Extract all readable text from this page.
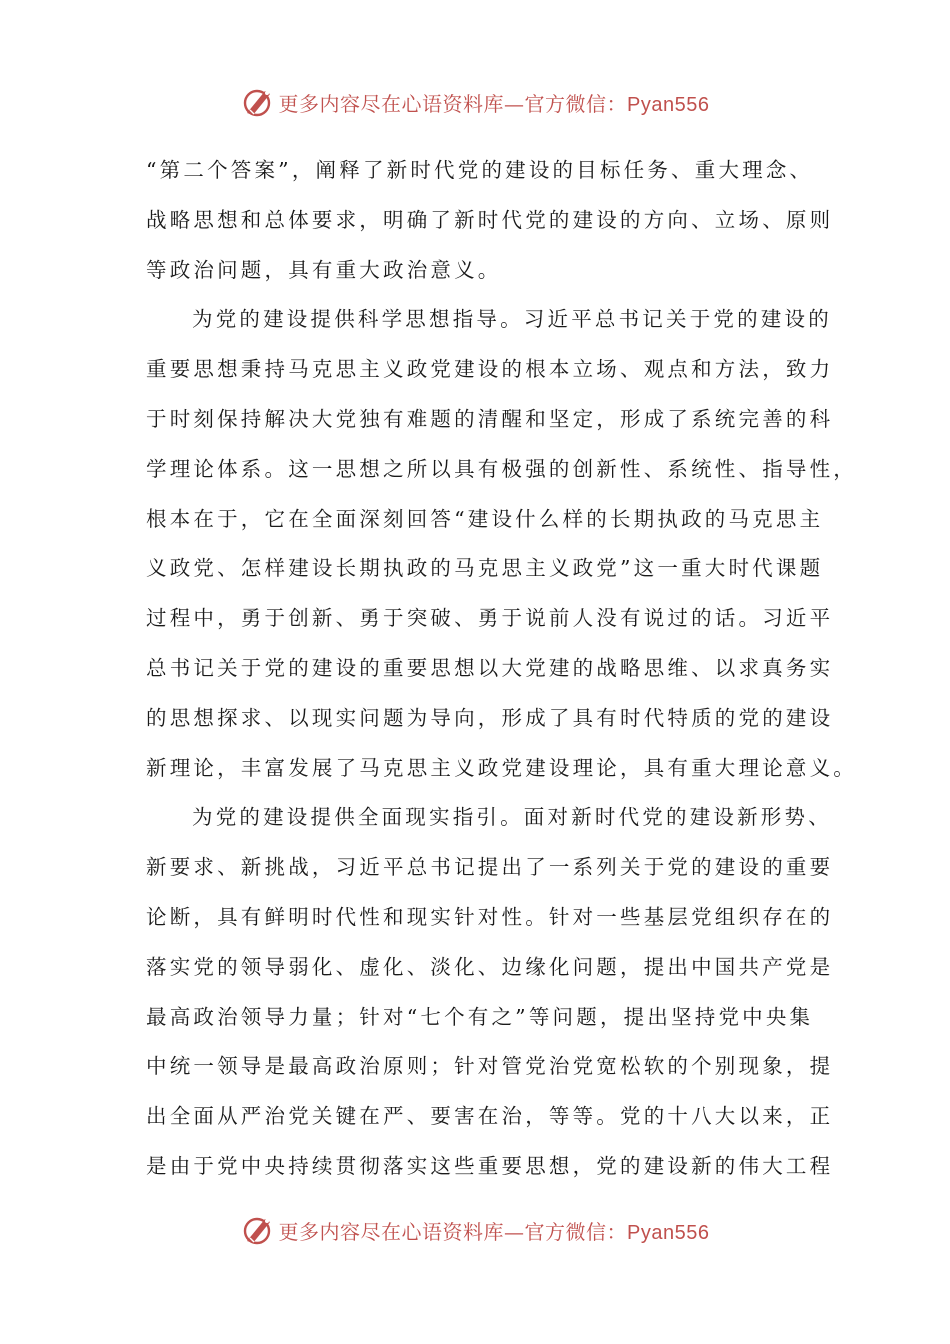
更多内容尽在心语资料库—官方微信：Pyan556
“第二个答案”，阐释了新时代党的建设的目标任务、重大理念、
战略思想和总体要求，明确了新时代党的建设的方向、立场、原则
等政治问题，具有重大政治意义。
为党的建设提供科学思想指导。习近平总书记关于党的建设的
重要思想秉持马克思主义政党建设的根本立场、观点和方法，致力
于时刻保持解决大党独有难题的清醒和坚定，形成了系统完善的科
学理论体系。这一思想之所以具有极强的创新性、系统性、指导性，
根本在于，它在全面深刻回答“建设什么样的长期执政的马克思主
义政党、怎样建设长期执政的马克思主义政党”这一重大时代课题
过程中，勇于创新、勇于突破、勇于说前人没有说过的话。习近平
总书记关于党的建设的重要思想以大党建的战略思维、以求真务实
的思想探求、以现实问题为导向，形成了具有时代特质的党的建设
新理论，丰富发展了马克思主义政党建设理论，具有重大理论意义。
为党的建设提供全面现实指引。面对新时代党的建设新形势、
新要求、新挑战，习近平总书记提出了一系列关于党的建设的重要
论断，具有鲜明时代性和现实针对性。针对一些基层党组织存在的
落实党的领导弱化、虚化、淡化、边缘化问题，提出中国共产党是
最高政治领导力量；针对“七个有之”等问题，提出坚持党中央集
中统一领导是最高政治原则；针对管党治党宽松软的个别现象，提
出全面从严治党关键在严、要害在治，等等。党的十八大以来，正
是由于党中央持续贯彻落实这些重要思想，党的建设新的伟大工程
更多内容尽在心语资料库—官方微信：Pyan556
